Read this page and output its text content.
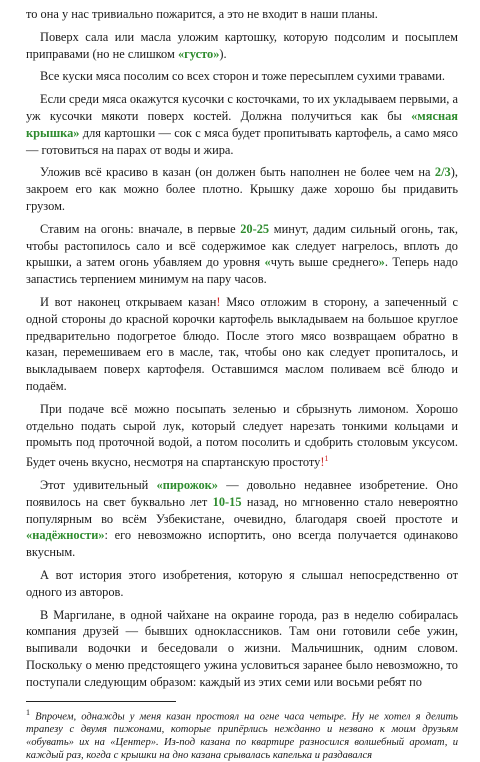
то она у нас тривиально пожарится, а это не входит в наши планы.

Поверх сала или масла уложим картошку, которую подсолим и посыплем приправами (но не слишком «густо»).

Все куски мяса посолим со всех сторон и тоже пересыплем сухими травами.

Если среди мяса окажутся кусочки с косточками, то их укладываем первыми, а уж кусочки мякоти поверх костей. Должна получиться как бы «мясная крышка» для картошки — сок с мяса будет пропитывать картофель, а само мясо — готовиться на парах от воды и жира.

Уложив всё красиво в казан (он должен быть наполнен не более чем на 2/3), закроем его как можно более плотно. Крышку даже хорошо бы придавить грузом.

Ставим на огонь: вначале, в первые 20-25 минут, дадим сильный огонь, так, чтобы растопилось сало и всё содержимое как следует нагрелось, вплоть до крышки, а затем огонь убавляем до уровня «чуть выше среднего». Теперь надо запастись терпением минимум на пару часов.

И вот наконец открываем казан! Мясо отложим в сторону, а запеченный с одной стороны до красной корочки картофель выкладываем на большое круглое предварительно подогретое блюдо. После этого мясо возвращаем обратно в казан, перемешиваем его в масле, так, чтобы оно как следует пропиталось, и выкладываем поверх картофеля. Оставшимся маслом поливаем всё блюдо и подаём.

При подаче всё можно посыпать зеленью и сбрызнуть лимоном. Хорошо отдельно подать сырой лук, который следует нарезать тонкими кольцами и промыть под проточной водой, а потом посолить и сдобрить столовым уксусом. Будет очень вкусно, несмотря на спартанскую простоту!$^1$

Этот удивительный «пирожок» — довольно недавнее изобретение. Оно появилось на свет буквально лет 10-15 назад, но мгновенно стало невероятно популярным во всём Узбекистане, очевидно, благодаря своей простоте и «надёжности»: его невозможно испортить, оно всегда получается одинаково вкусным.

А вот история этого изобретения, которую я слышал непосредственно от одного из авторов.

В Маргилане, в одной чайхане на окраине города, раз в неделю собиралась компания друзей — бывших одноклассников. Там они готовили себе ужин, выпивали водочки и беседовали о жизни. Мальчишник, одним словом. Поскольку о меню предстоящего ужина условиться заранее было невозможно, то поступали следующим образом: каждый из этих семи или восьми ребят по

$^1$ Впрочем, однажды у меня казан простоял на огне часа четыре. Ну не хотел я делить трапезу с двумя пижонами, которые припёрлись нежданно и незвано к моим друзьям «обувать» их на «Центер». Из-под казана по квартире разносился волшебный аромат, и каждый раз, когда с крышки на дно казана срывалась капелька и раздавался
